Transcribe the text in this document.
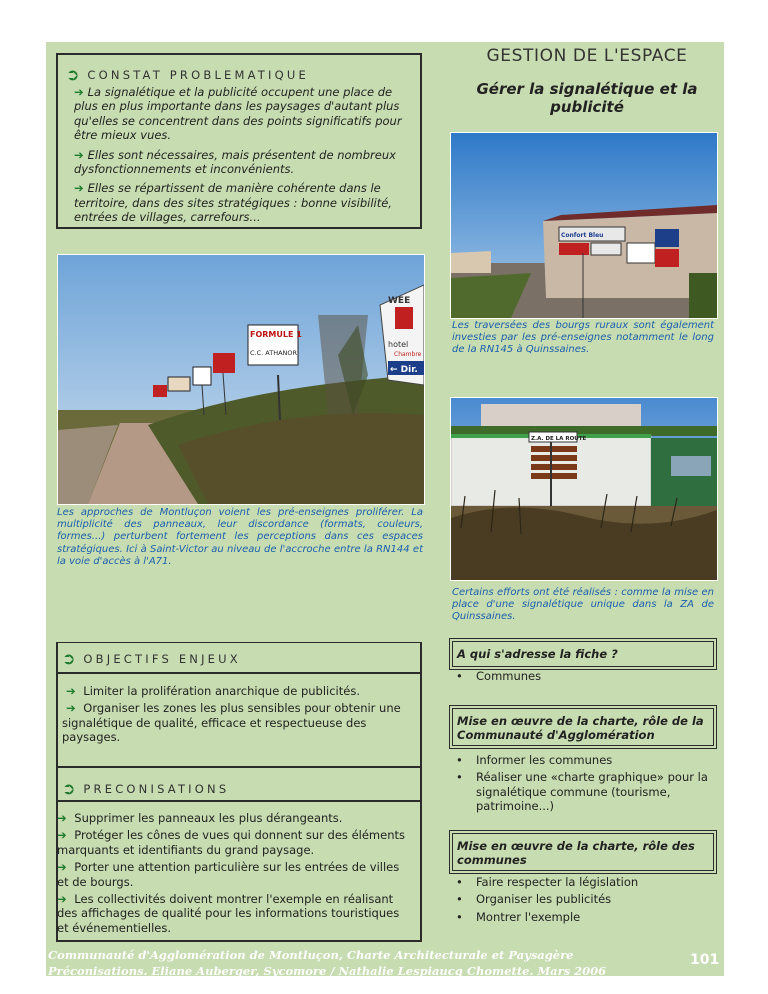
➲ CONSTAT PROBLEMATIQUE

➔ La signalétique et la publicité occupent une place de plus en plus importante dans les paysages d'autant plus qu'elles se concentrent dans des points significatifs pour être mieux vues.

➔ Elles sont nécessaires, mais présentent de nombreux dysfonctionnements et inconvénients.

➔ Elles se répartissent de manière cohérente dans le territoire, dans des sites stratégiques : bonne visibilité, entrées de villages, carrefours...

GESTION DE L'ESPACE
Gérer la signalétique et la publicité
FORMULE 1
C.C. ATHANOR
WEE
hotel
Chambre
← Dir.
Les approches de Montluçon voient les pré-enseignes proliférer. La multiplicité des panneaux, leur discordance (formats, couleurs, formes...) perturbent fortement les perceptions dans ces espaces stratégiques. Ici à Saint-Victor au niveau de l'accroche entre la RN144 et la voie d'accès à l'A71.
Confort Bleu
Les traversées des bourgs ruraux sont également investies par les pré-enseignes notamment le long de la RN145 à Quinssaines.
Z.A. DE LA ROUTE
Certains efforts ont été réalisés : comme la mise en place d'une signalétique unique dans la ZA de Quinssaines.
➲ OBJECTIFS ENJEUX

➔ Limiter la prolifération anarchique de publicités.

➔ Organiser les zones les plus sensibles pour obtenir une signalétique de qualité, efficace et respectueuse des paysages.

➲ PRECONISATIONS

➔ Supprimer les panneaux les plus dérangeants.

➔ Protéger les cônes de vues qui donnent sur des éléments marquants et identifiants du grand paysage.

➔ Porter une attention particulière sur les entrées de villes et de bourgs.

➔ Les collectivités doivent montrer l'exemple en réalisant des affichages de qualité pour les informations touristiques et événementielles.

A qui s'adresse la fiche ?
• Communes
Mise en œuvre de la charte, rôle de la Communauté d'Agglomération
• Informer les communes
• Réaliser une «charte graphique» pour la signalétique commune (tourisme, patrimoine...)
Mise en œuvre de la charte, rôle des communes
• Faire respecter la législation
• Organiser les publicités
• Montrer l'exemple
Communauté d'Agglomération de Montluçon, Charte Architecturale et Paysagère
Préconisations. Eliane Auberger, Sycomore / Nathalie Lespiaucq Chomette. Mars 2006
101
